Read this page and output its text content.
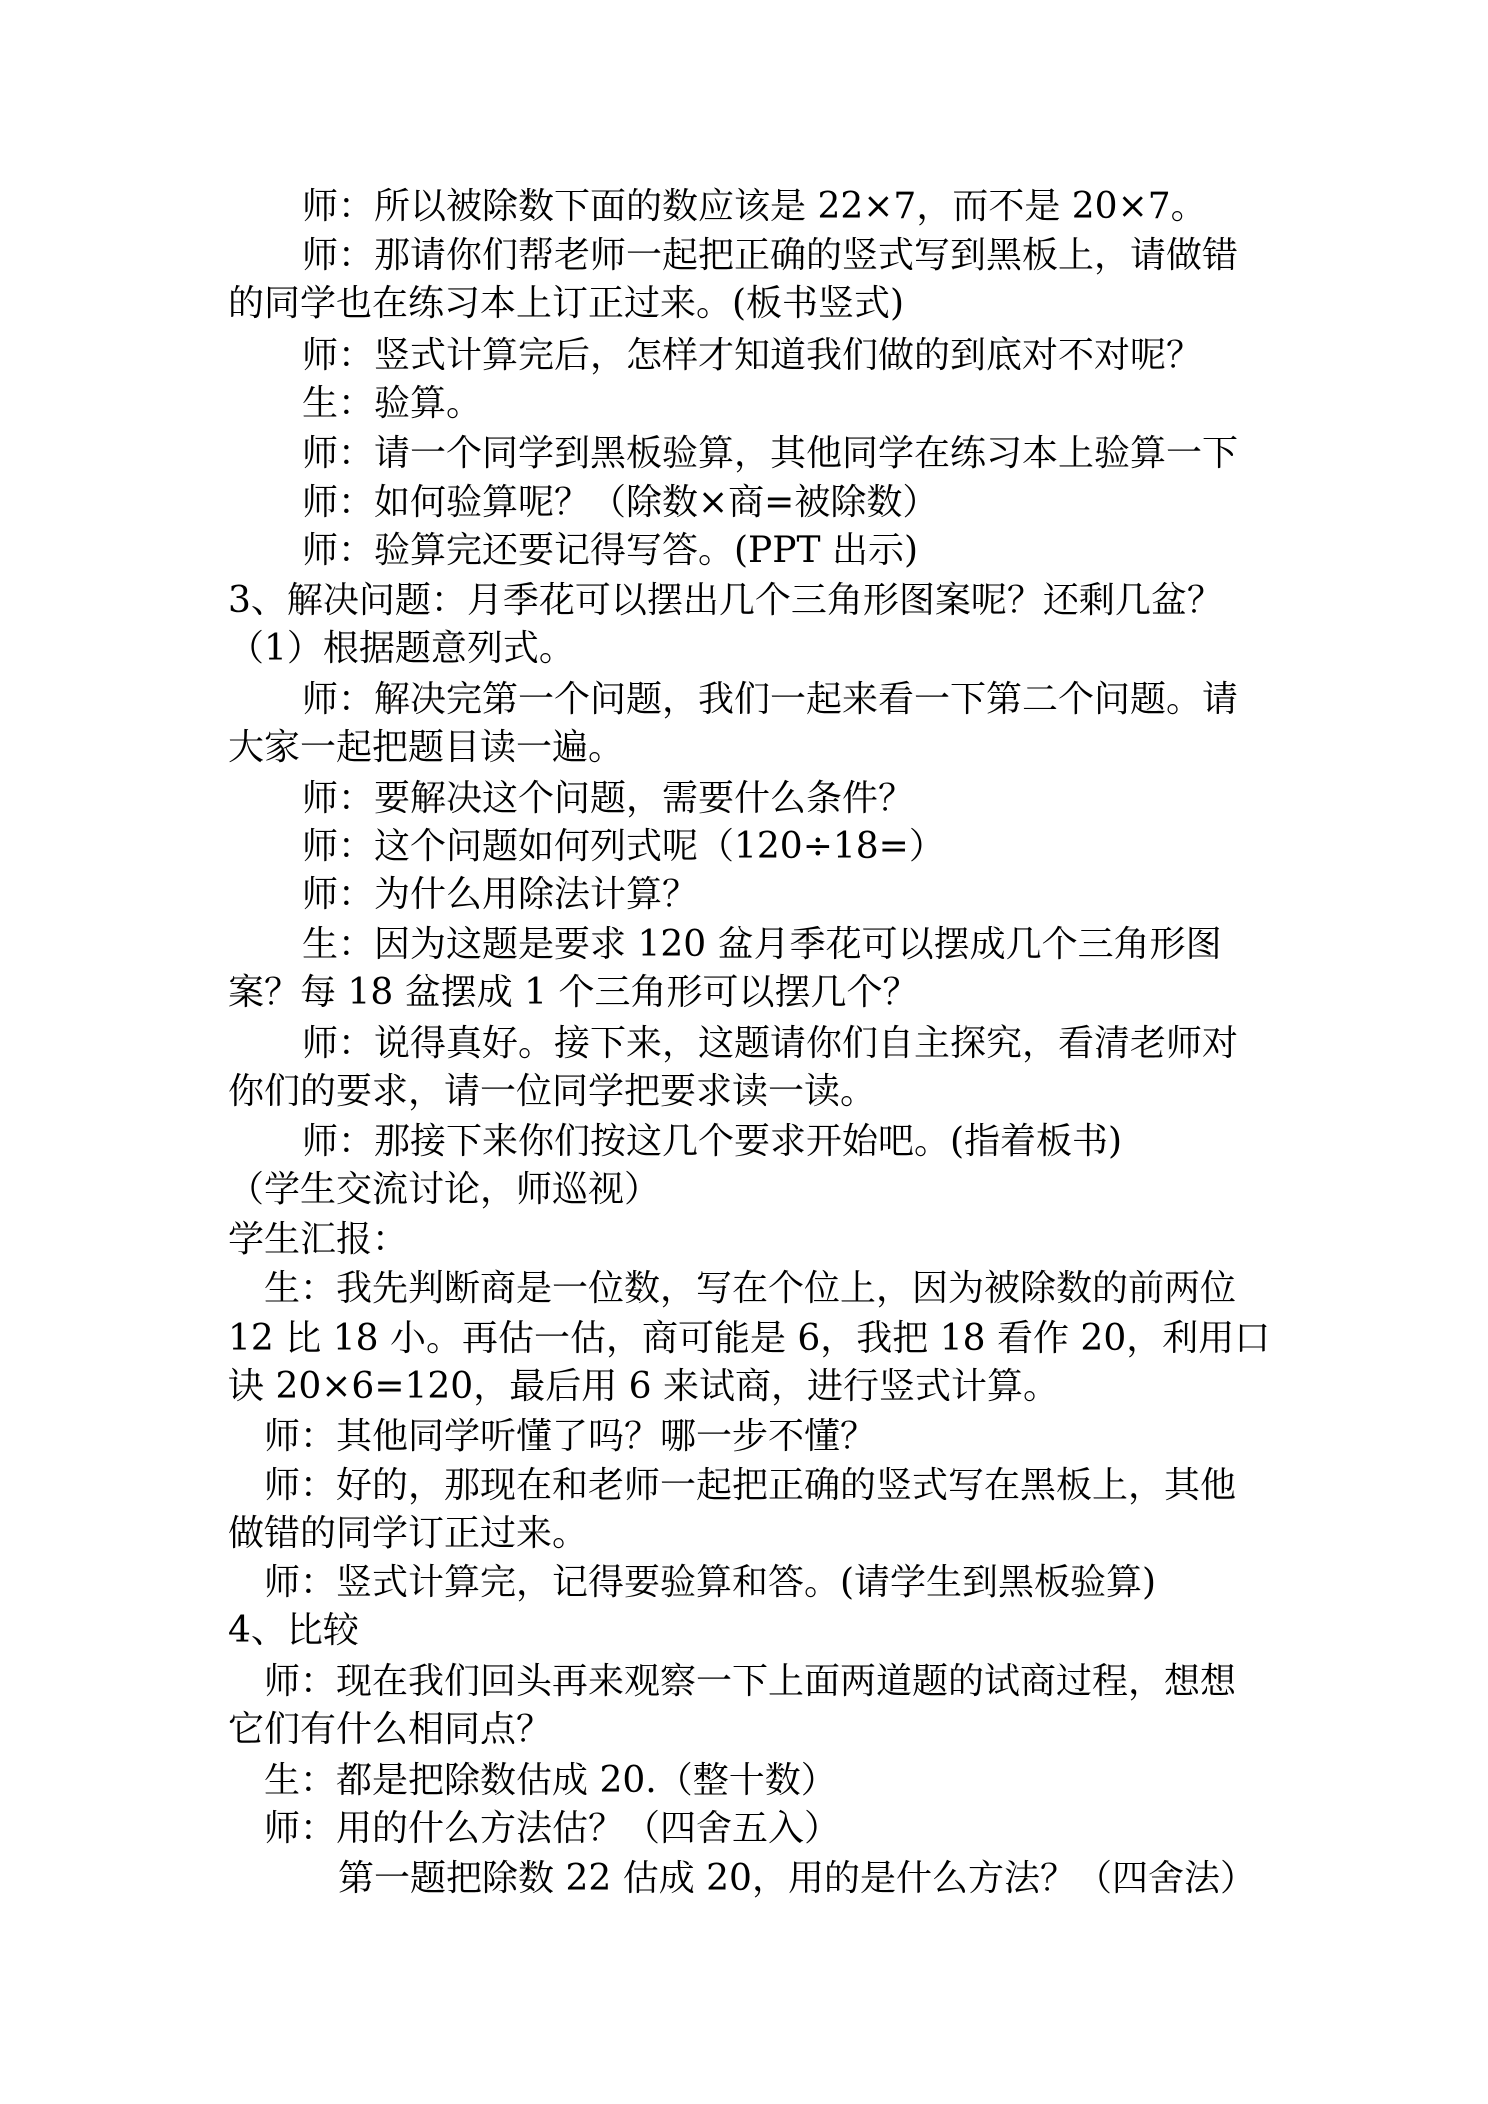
师：所以被除数下面的数应该是 22×7，而不是 20×7。
师：那请你们帮老师一起把正确的竖式写到黑板上，请做错
的同学也在练习本上订正过来。(板书竖式)
师：竖式计算完后，怎样才知道我们做的到底对不对呢？
生：验算。
师：请一个同学到黑板验算，其他同学在练习本上验算一下
师：如何验算呢？（除数×商=被除数）
师：验算完还要记得写答。(PPT 出示)
3、解决问题：月季花可以摆出几个三角形图案呢？还剩几盆？
（1）根据题意列式。
师：解决完第一个问题，我们一起来看一下第二个问题。请
大家一起把题目读一遍。
师：要解决这个问题，需要什么条件？
师：这个问题如何列式呢（120÷18=）
师：为什么用除法计算？
生：因为这题是要求 120 盆月季花可以摆成几个三角形图
案？每 18 盆摆成 1 个三角形可以摆几个？
师：说得真好。接下来，这题请你们自主探究，看清老师对
你们的要求，请一位同学把要求读一读。
师：那接下来你们按这几个要求开始吧。(指着板书)
（学生交流讨论，师巡视）
学生汇报：
生：我先判断商是一位数，写在个位上，因为被除数的前两位
12 比 18 小。再估一估，商可能是 6，我把 18 看作 20，利用口
诀 20×6=120，最后用 6 来试商，进行竖式计算。
师：其他同学听懂了吗？哪一步不懂？
师：好的，那现在和老师一起把正确的竖式写在黑板上，其他
做错的同学订正过来。
师：竖式计算完，记得要验算和答。(请学生到黑板验算)
4、比较
师：现在我们回头再来观察一下上面两道题的试商过程，想想
它们有什么相同点？
生：都是把除数估成 20.（整十数）
师：用的什么方法估？（四舍五入）
第一题把除数 22 估成 20，用的是什么方法？（四舍法）
